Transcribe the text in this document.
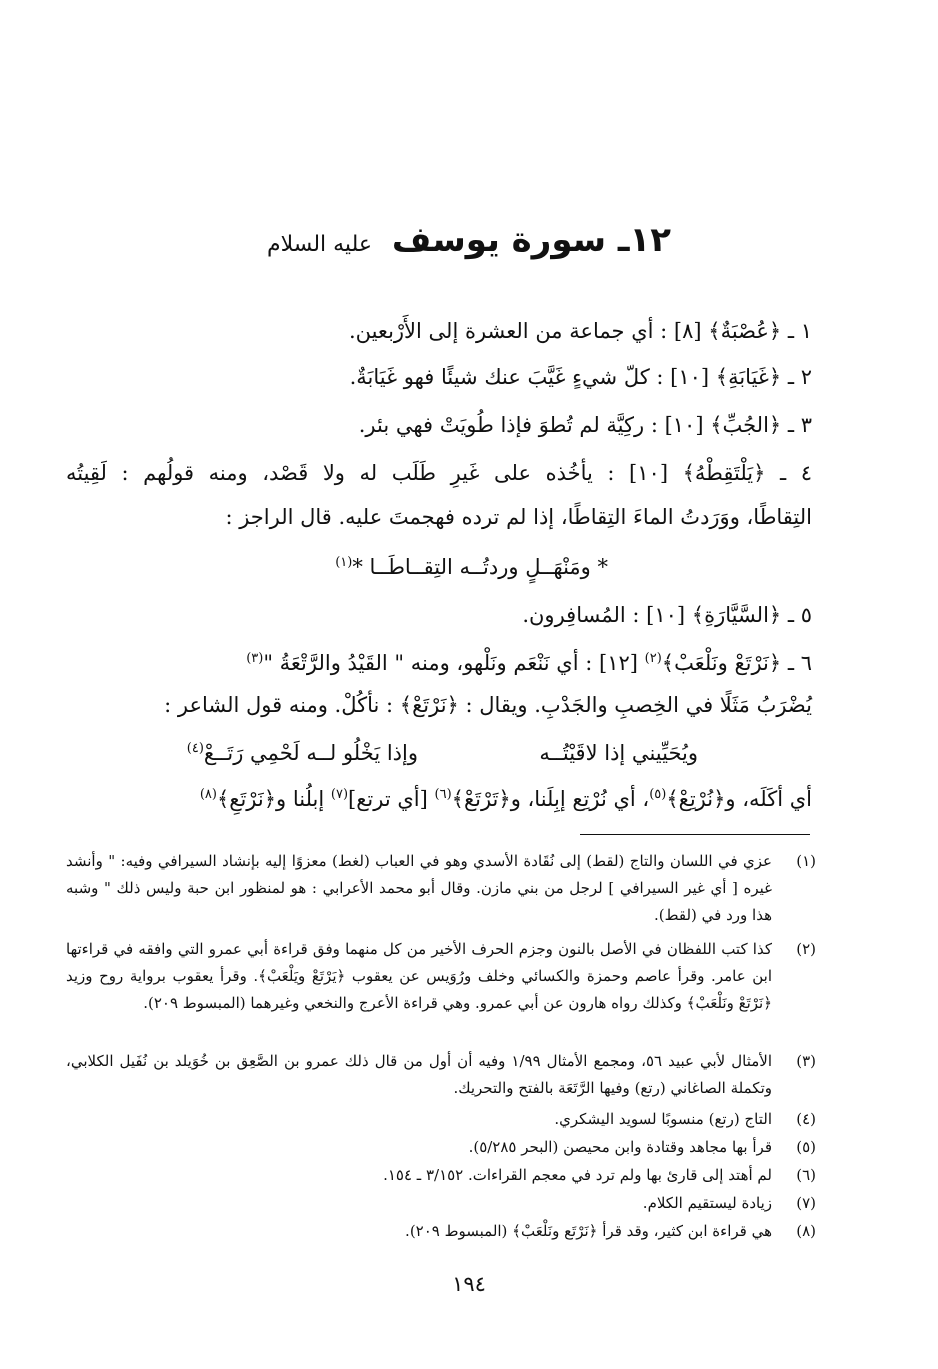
١٢ـ سورة يوسف عليه السلام
١ ـ ﴿عُصْبَةٌ﴾ [٨] : أي جماعة من العشرة إلى الأَرْبعين.
٢ ـ ﴿غَيَابَةِ﴾ [١٠] : كلّ شيءٍ غَيَّبَ عنك شيئًا فهو غَيَابَةٌ.
٣ ـ ﴿الجُبِّ﴾ [١٠] : ركِيَّة لم تُطوَ فإذا طُويَتْ فهي بئر.
٤ ـ ﴿يَلْتَقِطْهُ﴾ [١٠] : يأخُذه على غَيرِ طَلَب له ولا قَصْد، ومنه قولُهم : لَقِيتُه
التِقاطًا، ووَرَدتُ الماءَ التِقاطًا، إذا لم ترده فهجمتَ عليه. قال الراجز :
* ومَنْهَــلٍ وردتُــه التِقــاطَــا *$^{(١)}$
٥ ـ ﴿السَّيَّارَةِ﴾ [١٠] : المُسافِرون.
٦ ـ ﴿نَرْتَعْ ونَلْعَبْ﴾$^{(٢)}$ [١٢] : أي نَنْعَم ونَلْهو، ومنه " القَيْدُ والرَّتْعَةُ "$^{(٣)}$
يُضْرَبُ مَثَلًا في الخِصبِ والجَدْبِ. ويقال : ﴿نَرْتَعْ﴾ : نأكُلْ. ومنه قول الشاعر :
ويُحَيِّيني إذا لاقَيْتُــه
وإذا يَخْلُو لــه لَحْمِي رَتَــعْ$^{(٤)}$
أي أكَلَه، و﴿نُرْتِعْ﴾$^{(٥)}$، أي نُرْتِع إبِلَنا، و﴿تَرْتَعْ﴾$^{(٦)}$ [أي ترتع]$^{(٧)}$ إبلُنا و﴿نَرْتَعِ﴾$^{(٨)}$
(١)
عزي في اللسان والتاج (لقط) إلى نُقَادة الأسدي وهو في العباب (لغط) معزوًا إليه بإنشاد السيرافي وفيه: " وأنشد غيره [ أي غير السيرافي ] لرجل من بني مازن. وقال أبو محمد الأعرابي : هو لمنظور ابن حبة وليس ذلك " وشبه هذا ورد في (لقط).
(٢)
كذا كتب اللفظان في الأصل بالنون وجزم الحرف الأخير من كل منهما وفق قراءة أبي عمرو التي وافقه في قراءتها ابن عامر. وقرأ عاصم وحمزة والكسائي وخلف ورُوَيس عن يعقوب ﴿يَرْتَعْ ويَلْعَبْ﴾. وقرأ يعقوب برواية روح وزيد ﴿نَرْتَعْ ونَلْعَبْ﴾ وكذلك رواه هارون عن أبي عمرو. وهي قراءة الأعرج والنخعي وغيرهما (المبسوط ٢٠٩).
(٣)
الأمثال لأبي عبيد ٥٦، ومجمع الأمثال ١/٩٩ وفيه أن أول من قال ذلك عمرو بن الصَّعِق بن خُوَيلد بن نُفَيل الكلابي، وتكملة الصاغاني (رتع) وفيها الرَّتَعَة بالفتح والتحريك.
(٤)
التاج (رتع) منسوبًا لسويد اليشكري.
(٥)
قرأ بها مجاهد وقتادة وابن محيصن (البحر ٥/٢٨٥).
(٦)
لم أهتد إلى قارئ بها ولم ترد في معجم القراءات. ٣/١٥٢ ـ ١٥٤.
(٧)
زيادة ليستقيم الكلام.
(٨)
هي قراءة ابن كثير، وقد قرأ ﴿نَرْتَع ونَلْعَبْ﴾ (المبسوط ٢٠٩).
١٩٤
